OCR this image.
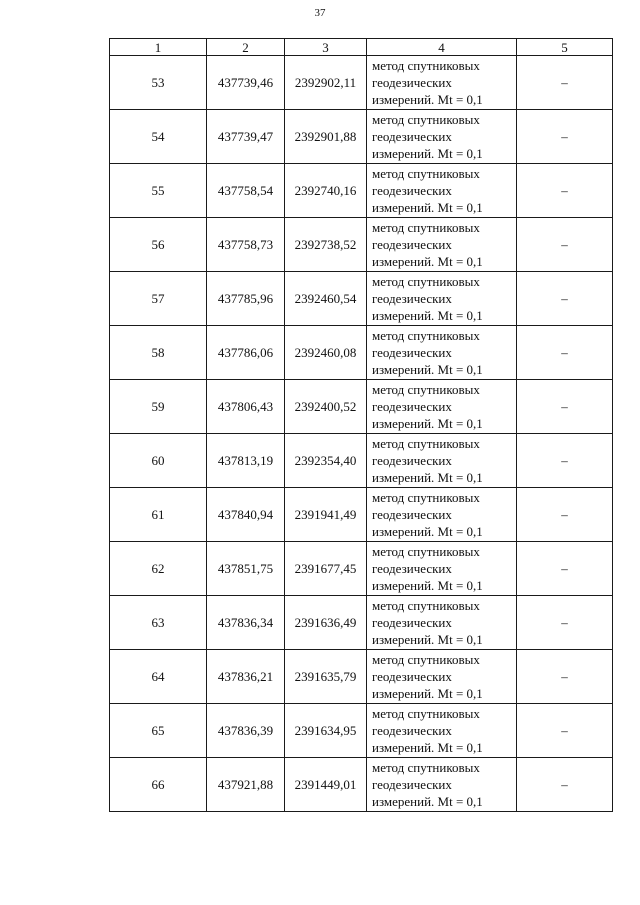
37
1	2	3	4	5
53	437739,46	2392902,11	метод спутниковых
геодезических
измерений. Mt = 0,1	–
54	437739,47	2392901,88	метод спутниковых
геодезических
измерений. Mt = 0,1	–
55	437758,54	2392740,16	метод спутниковых
геодезических
измерений. Mt = 0,1	–
56	437758,73	2392738,52	метод спутниковых
геодезических
измерений. Mt = 0,1	–
57	437785,96	2392460,54	метод спутниковых
геодезических
измерений. Mt = 0,1	–
58	437786,06	2392460,08	метод спутниковых
геодезических
измерений. Mt = 0,1	–
59	437806,43	2392400,52	метод спутниковых
геодезических
измерений. Mt = 0,1	–
60	437813,19	2392354,40	метод спутниковых
геодезических
измерений. Mt = 0,1	–
61	437840,94	2391941,49	метод спутниковых
геодезических
измерений. Mt = 0,1	–
62	437851,75	2391677,45	метод спутниковых
геодезических
измерений. Mt = 0,1	–
63	437836,34	2391636,49	метод спутниковых
геодезических
измерений. Mt = 0,1	–
64	437836,21	2391635,79	метод спутниковых
геодезических
измерений. Mt = 0,1	–
65	437836,39	2391634,95	метод спутниковых
геодезических
измерений. Mt = 0,1	–
66	437921,88	2391449,01	метод спутниковых
геодезических
измерений. Mt = 0,1	–
